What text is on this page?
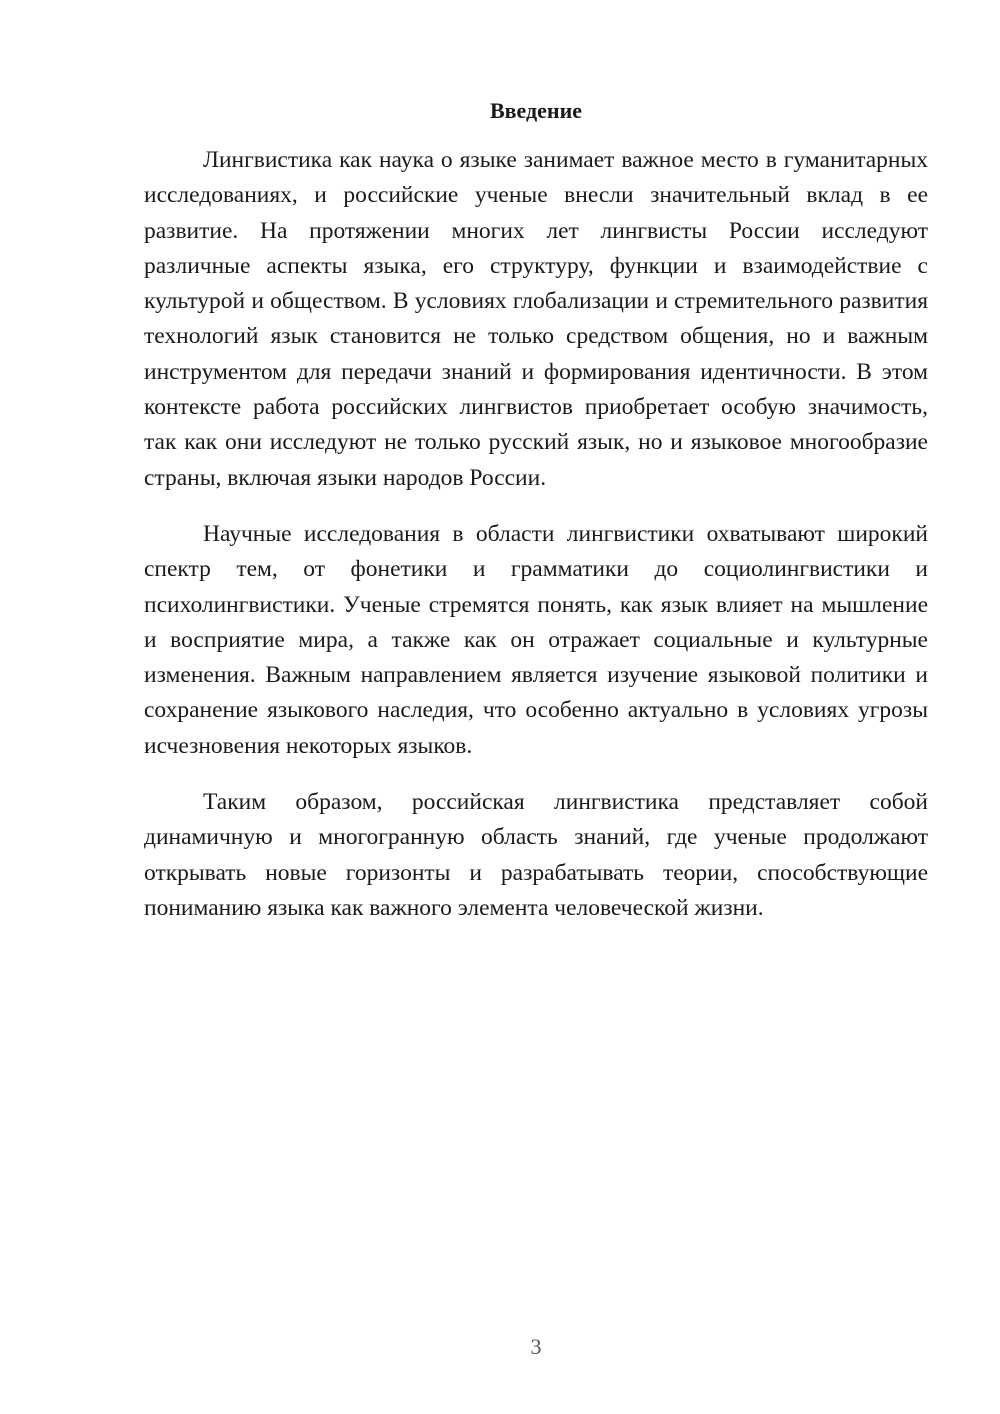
Введение

Лингвистика как наука о языке занимает важное место в гуманитарных исследованиях, и российские ученые внесли значительный вклад в ее развитие. На протяжении многих лет лингвисты России исследуют различные аспекты языка, его структуру, функции и взаимодействие с культурой и обществом. В условиях глобализации и стремительного развития технологий язык становится не только средством общения, но и важным инструментом для передачи знаний и формирования идентичности. В этом контексте работа российских лингвистов приобретает особую значимость, так как они исследуют не только русский язык, но и языковое многообразие страны, включая языки народов России.

Научные исследования в области лингвистики охватывают широкий спектр тем, от фонетики и грамматики до социолингвистики и психолингвистики. Ученые стремятся понять, как язык влияет на мышление и восприятие мира, а также как он отражает социальные и культурные изменения. Важным направлением является изучение языковой политики и сохранение языкового наследия, что особенно актуально в условиях угрозы исчезновения некоторых языков.

Таким образом, российская лингвистика представляет собой динамичную и многогранную область знаний, где ученые продолжают открывать новые горизонты и разрабатывать теории, способствующие пониманию языка как важного элемента человеческой жизни.

3
